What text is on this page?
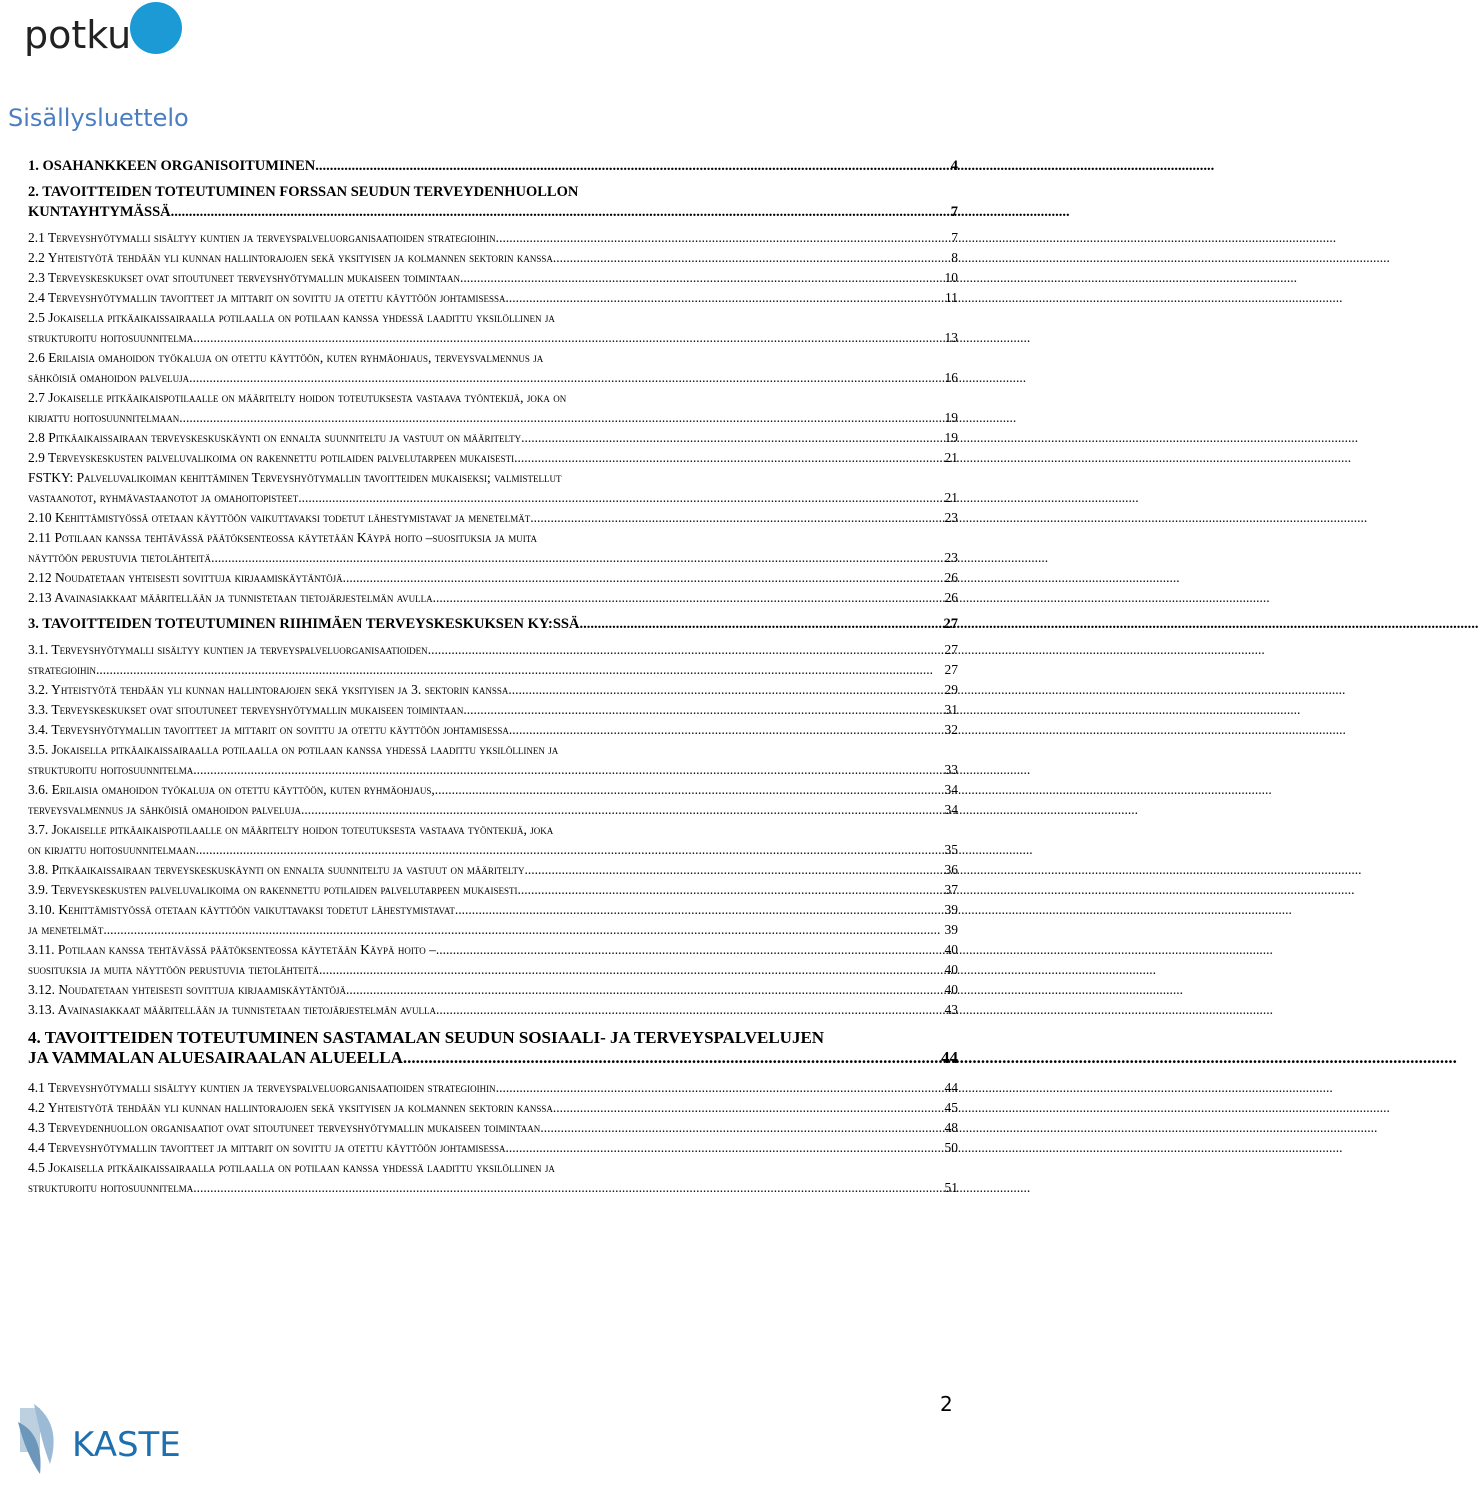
potku
Sisällysluettelo
1. OSAHANKKEEN ORGANISOITUMINEN .....	4
2. TAVOITTEIDEN TOTEUTUMINEN FORSSAN SEUDUN TERVEYDENHUOLLON
KUNTAYHTYMÄSSÄ .....	7
2.1 Terveyshyötymalli sisältyy kuntien ja terveyspalveluorganisaatioiden strategioihin. .....	7
2.2 Yhteistyötä tehdään yli kunnan hallintorajojen sekä yksityisen ja kolmannen sektorin kanssa .....	8
2.3 Terveyskeskukset ovat sitoutuneet terveyshyötymallin mukaiseen toimintaan .....	10
2.4 Terveyshyötymallin tavoitteet ja mittarit on sovittu ja otettu käyttöön johtamisessa .....	11
2.5 Jokaisella pitkäaikaissairaalla potilaalla on potilaan kanssa yhdessä laadittu yksilöllinen ja
strukturoitu hoitosuunnitelma .....	13
2.6 Erilaisia omahoidon työkaluja on otettu käyttöön, kuten ryhmäohjaus, terveysvalmennus ja
sähköisiä omahoidon palveluja .....	16
2.7 Jokaiselle pitkäaikaispotilaalle on määritelty hoidon toteutuksesta vastaava työntekijä, joka on
kirjattu hoitosuunnitelmaan .....	19
2.8 Pitkäaikaissairaan terveyskeskuskäynti on ennalta suunniteltu ja vastuut on määritelty .....	19
2.9 Terveyskeskusten palveluvalikoima on rakennettu potilaiden palvelutarpeen mukaisesti .....	21
FSTKY: Palveluvalikoiman kehittäminen Terveyshyötymallin tavoitteiden mukaiseksi; valmistellut
vastaanotot, ryhmävastaanotot ja omahoitopisteet. .....	21
2.10 Kehittämistyössä otetaan käyttöön vaikuttavaksi todetut lähestymistavat ja menetelmät .....	23
2.11 Potilaan kanssa tehtävässä päätöksenteossa käytetään Käypä hoito –suosituksia ja muita
näyttöön perustuvia tietolähteitä .....	23
2.12 Noudatetaan yhteisesti sovittuja kirjaamiskäytäntöjä .....	26
2.13 Avainasiakkaat määritellään ja tunnistetaan tietojärjestelmän avulla .....	26
3. TAVOITTEIDEN TOTEUTUMINEN RIIHIMÄEN TERVEYSKESKUKSEN KY:SSÄ .....	27
3.1. Terveyshyötymalli sisältyy kuntien ja terveyspalveluorganisaatioiden .....	27
strategioihin .....	27
3.2. Yhteistyötä tehdään yli kunnan hallintorajojen sekä yksityisen ja 3. sektorin kanssa .....	29
3.3. Terveyskeskukset ovat sitoutuneet terveyshyötymallin mukaiseen toimintaan .....	31
3.4. Terveyshyötymallin tavoitteet ja mittarit on sovittu ja otettu käyttöön johtamisessa .....	32
3.5. Jokaisella pitkäaikaissairaalla potilaalla on potilaan kanssa yhdessä laadittu yksilöllinen ja
strukturoitu hoitosuunnitelma .....	33
3.6. Erilaisia omahoidon työkaluja on otettu käyttöön, kuten ryhmäohjaus, .....	34
terveysvalmennus ja sähköisiä omahoidon palveluja .....	34
3.7. Jokaiselle pitkäaikaispotilaalle on määritelty hoidon toteutuksesta vastaava työntekijä, joka
on kirjattu hoitosuunnitelmaan .....	35
3.8. Pitkäaikaissairaan terveyskeskuskäynti on ennalta suunniteltu ja vastuut on määritelty .....	36
3.9. Terveyskeskusten palveluvalikoima on rakennettu potilaiden palvelutarpeen mukaisesti .....	37
3.10. Kehittämistyössä otetaan käyttöön vaikuttavaksi todetut lähestymistavat .....	39
ja menetelmät .....	39
3.11. Potilaan kanssa tehtävässä päätöksenteossa käytetään Käypä hoito – .....	40
suosituksia ja muita näyttöön perustuvia tietolähteitä .....	40
3.12. Noudatetaan yhteisesti sovittuja kirjaamiskäytäntöjä .....	40
3.13. Avainasiakkaat määritellään ja tunnistetaan tietojärjestelmän avulla .....	43
4. TAVOITTEIDEN TOTEUTUMINEN SASTAMALAN SEUDUN SOSIAALI- JA TERVEYSPALVELUJEN
JA VAMMALAN ALUESAIRAALAN ALUEELLA .....	44
4.1 Terveyshyötymalli sisältyy kuntien ja terveyspalveluorganisaatioiden strategioihin .....	44
4.2 Yhteistyötä tehdään yli kunnan hallintorajojen sekä yksityisen ja kolmannen sektorin kanssa .....	45
4.3 Terveydenhuollon organisaatiot ovat sitoutuneet terveyshyötymallin mukaiseen toimintaan .....	48
4.4 Terveyshyötymallin tavoitteet ja mittarit on sovittu ja otettu käyttöön johtamisessa .....	50
4.5 Jokaisella pitkäaikaissairaalla potilaalla on potilaan kanssa yhdessä laadittu yksilöllinen ja
strukturoitu hoitosuunnitelma .....	51
2
KASTE
